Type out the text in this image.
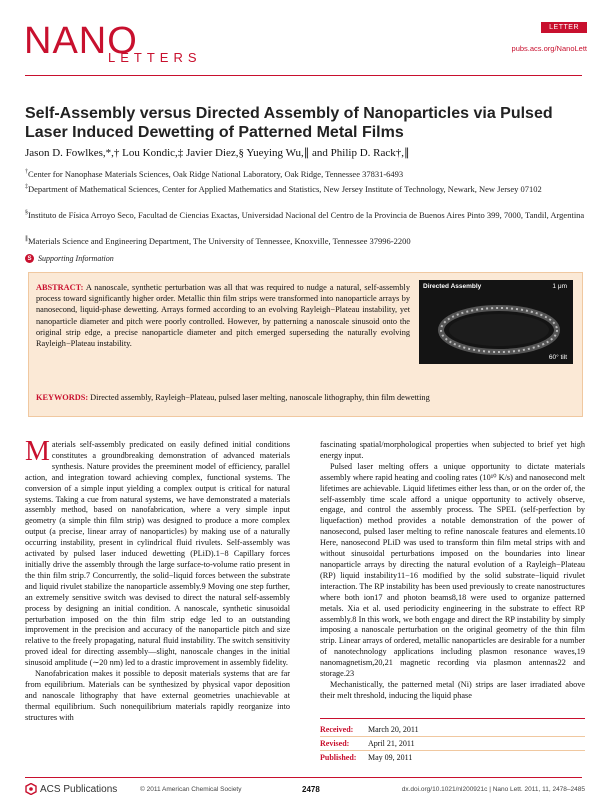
NANO
LETTERS
LETTER
pubs.acs.org/NanoLett
Self-Assembly versus Directed Assembly of Nanoparticles via Pulsed Laser Induced Dewetting of Patterned Metal Films
Jason D. Fowlkes,*,† Lou Kondic,‡ Javier Diez,§ Yueying Wu,∥ and Philip D. Rack†,∥
†Center for Nanophase Materials Sciences, Oak Ridge National Laboratory, Oak Ridge, Tennessee 37831-6493
‡Department of Mathematical Sciences, Center for Applied Mathematics and Statistics, New Jersey Institute of Technology, Newark, New Jersey 07102
§Instituto de Física Arroyo Seco, Facultad de Ciencias Exactas, Universidad Nacional del Centro de la Provincia de Buenos Aires Pinto 399, 7000, Tandil, Argentina
∥Materials Science and Engineering Department, The University of Tennessee, Knoxville, Tennessee 37996-2200
S Supporting Information
ABSTRACT: A nanoscale, synthetic perturbation was all that was required to nudge a natural, self-assembly process toward significantly higher order. Metallic thin film strips were transformed into nanoparticle arrays by nanosecond, liquid-phase dewetting. Arrays formed according to an evolving Rayleigh−Plateau instability, yet nanoparticle diameter and pitch were poorly controlled. However, by patterning a nanoscale sinusoid onto the original strip edge, a precise nanoparticle diameter and pitch emerged superseding the naturally evolving Rayleigh−Plateau instability.
Directed Assembly	1 μm
60° tilt
KEYWORDS: Directed assembly, Rayleigh−Plateau, pulsed laser melting, nanoscale lithography, thin film dewetting

Materials self-assembly predicated on easily defined initial conditions constitutes a groundbreaking demonstration of advanced materials synthesis. Nature provides the preeminent model of efficiency, parallel action, and integration toward achieving complex, functional systems. The conversion of a simple input yielding a complex output is critical for natural systems. Taking a cue from natural systems, we have demonstrated a materials assembly method, based on nanofabrication, where a very simple input geometry (a simple thin film strip) was designed to produce a more complex output (a precise, linear array of nanoparticles) by making use of a naturally occurring instability, present in cylindrical fluid rivulets. Self-assembly was activated by pulsed laser induced dewetting (PLiD).1−8 Capillary forces initially drive the assembly through the large surface-to-volume ratio present in the thin film strip.7 Concurrently, the solid−liquid forces between the substrate and liquid rivulet stabilize the nanoparticle assembly.9 Moving one step further, an extremely sensitive switch was devised to direct the natural self-assembly process by designing an initial condition. A nanoscale, synthetic sinusoidal perturbation imposed on the thin film strip edge led to an outstanding improvement in the precision and accuracy of the nanoparticle pitch and size relative to the freely propagating, natural fluid instability. The switch sensitivity proved ideal for directing assembly—slight, nanoscale changes in the initial sinusoid amplitude (∼20 nm) led to a drastic improvement in assembly fidelity.

Nanofabrication makes it possible to deposit materials systems that are far from equilibrium. Materials can be synthesized by physical vapor deposition and nanoscale lithography that have external geometries unachievable at thermal equilibrium. Such nonequilibrium materials rapidly reorganize into structures with

fascinating spatial/morphological properties when subjected to brief yet high energy input.

Pulsed laser melting offers a unique opportunity to dictate materials assembly where rapid heating and cooling rates (10¹⁰ K/s) and nanosecond melt lifetimes are achievable. Liquid lifetimes either less than, or on the order of, the self-assembly time scale afford a unique opportunity to actively observe, engage, and control the assembly process. The SPEL (self-perfection by liquefaction) method provides a notable demonstration of the power of nanosecond, pulsed laser melting to refine nanoscale features and elements.10 Here, nanosecond PLiD was used to transform thin film metal strips with and without sinusoidal perturbations imposed on the boundaries into linear nanoparticle arrays by directing the natural evolution of a Rayleigh−Plateau (RP) liquid instability11−16 modified by the solid substrate−liquid rivulet interaction. The RP instability has been used previously to create nanostructures where both ion17 and photon beams8,18 were used to organize patterned metals. Xia et al. used periodicity engineering in the substrate to effect RP assembly.8 In this work, we both engage and direct the RP instability by simply imposing a nanoscale perturbation on the original geometry of the thin film strip. Linear arrays of ordered, metallic nanoparticles are desirable for a number of nanotechnology applications including plasmon resonance waves,19 nanomagnetism,20,21 magnetic recording via plasmon antennas22 and storage.23

Mechanistically, the patterned metal (Ni) strips are laser irradiated above their melt threshold, inducing the liquid phase

Received: March 20, 2011
Revised: April 21, 2011
Published: May 09, 2011
ACS Publications	© 2011 American Chemical Society	2478	dx.doi.org/10.1021/nl200921c | Nano Lett. 2011, 11, 2478–2485
